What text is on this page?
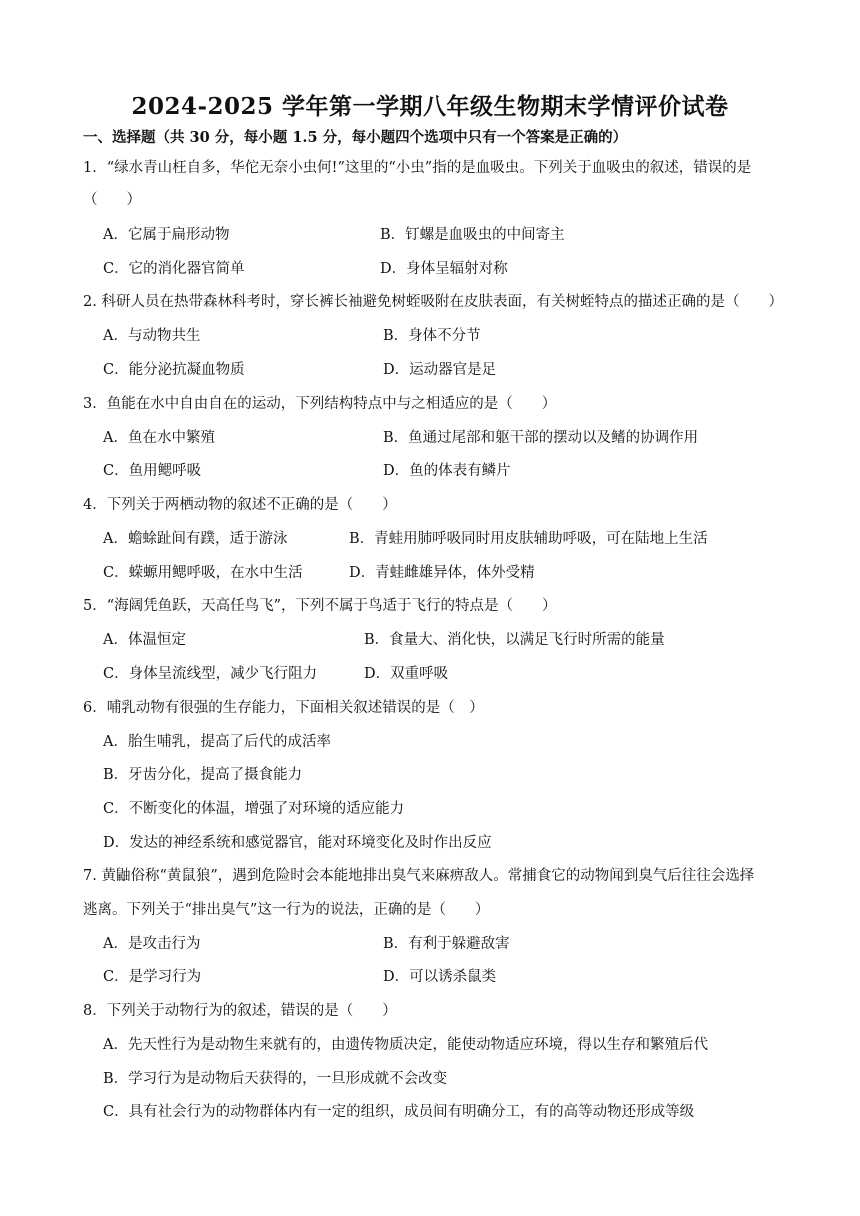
2024-2025 学年第一学期八年级生物期末学情评价试卷
一、选择题（共 30 分，每小题 1.5 分，每小题四个选项中只有一个答案是正确的）
1．“绿水青山枉自多，华佗无奈小虫何!”这里的“小虫”指的是血吸虫。下列关于血吸虫的叙述，错误的是
（　　）
A．它属于扁形动物	B．钉螺是血吸虫的中间寄主
C．它的消化器官简单	D．身体呈辐射对称
2. 科研人员在热带森林科考时，穿长裤长袖避免树蛭吸附在皮肤表面，有关树蛭特点的描述正确的是（　　）
A．与动物共生	B．身体不分节
C．能分泌抗凝血物质	D．运动器官是足
3．鱼能在水中自由自在的运动，下列结构特点中与之相适应的是（　　）
A．鱼在水中繁殖	B．鱼通过尾部和躯干部的摆动以及鳍的协调作用
C．鱼用鳃呼吸	D．鱼的体表有鳞片
4．下列关于两栖动物的叙述不正确的是（　　）
A．蟾蜍趾间有蹼，适于游泳	B．青蛙用肺呼吸同时用皮肤辅助呼吸，可在陆地上生活
C．蝾螈用鳃呼吸，在水中生活	D．青蛙雌雄异体，体外受精
5．“海阔凭鱼跃，天高任鸟飞”，下列不属于鸟适于飞行的特点是（　　）
A．体温恒定	B．食量大、消化快，以满足飞行时所需的能量
C．身体呈流线型，减少飞行阻力	D．双重呼吸
6．哺乳动物有很强的生存能力，下面相关叙述错误的是（　）
A．胎生哺乳，提高了后代的成活率
B．牙齿分化，提高了摄食能力
C．不断变化的体温，增强了对环境的适应能力
D．发达的神经系统和感觉器官，能对环境变化及时作出反应
7. 黄鼬俗称“黄鼠狼”，遇到危险时会本能地排出臭气来麻痹敌人。常捕食它的动物闻到臭气后往往会选择
逃离。下列关于“排出臭气”这一行为的说法，正确的是（　　）
A．是攻击行为	B．有利于躲避敌害
C．是学习行为	D．可以诱杀鼠类
8．下列关于动物行为的叙述，错误的是（　　）
A．先天性行为是动物生来就有的，由遗传物质决定，能使动物适应环境，得以生存和繁殖后代
B．学习行为是动物后天获得的，一旦形成就不会改变
C．具有社会行为的动物群体内有一定的组织，成员间有明确分工，有的高等动物还形成等级
